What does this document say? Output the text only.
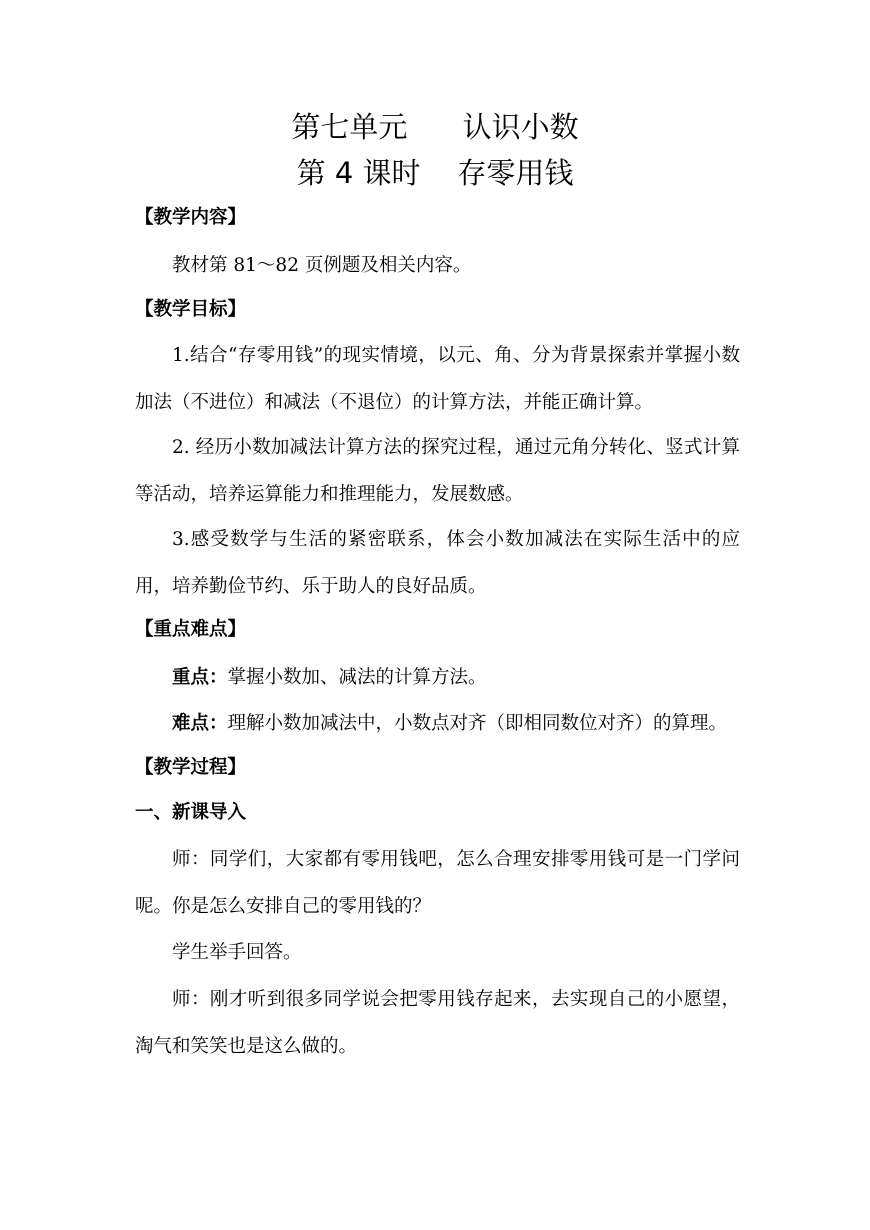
第七单元      认识小数
第 4 课时    存零用钱
【教学内容】
教材第 81～82 页例题及相关内容。
【教学目标】
1.结合“存零用钱”的现实情境，以元、角、分为背景探索并掌握小数加法（不进位）和减法（不退位）的计算方法，并能正确计算。
2. 经历小数加减法计算方法的探究过程，通过元角分转化、竖式计算等活动，培养运算能力和推理能力，发展数感。
3.感受数学与生活的紧密联系，体会小数加减法在实际生活中的应用，培养勤俭节约、乐于助人的良好品质。
【重点难点】
重点：掌握小数加、减法的计算方法。
难点：理解小数加减法中，小数点对齐（即相同数位对齐）的算理。
【教学过程】
一、新课导入
师：同学们，大家都有零用钱吧，怎么合理安排零用钱可是一门学问呢。你是怎么安排自己的零用钱的？
学生举手回答。
师：刚才听到很多同学说会把零用钱存起来，去实现自己的小愿望，淘气和笑笑也是这么做的。
